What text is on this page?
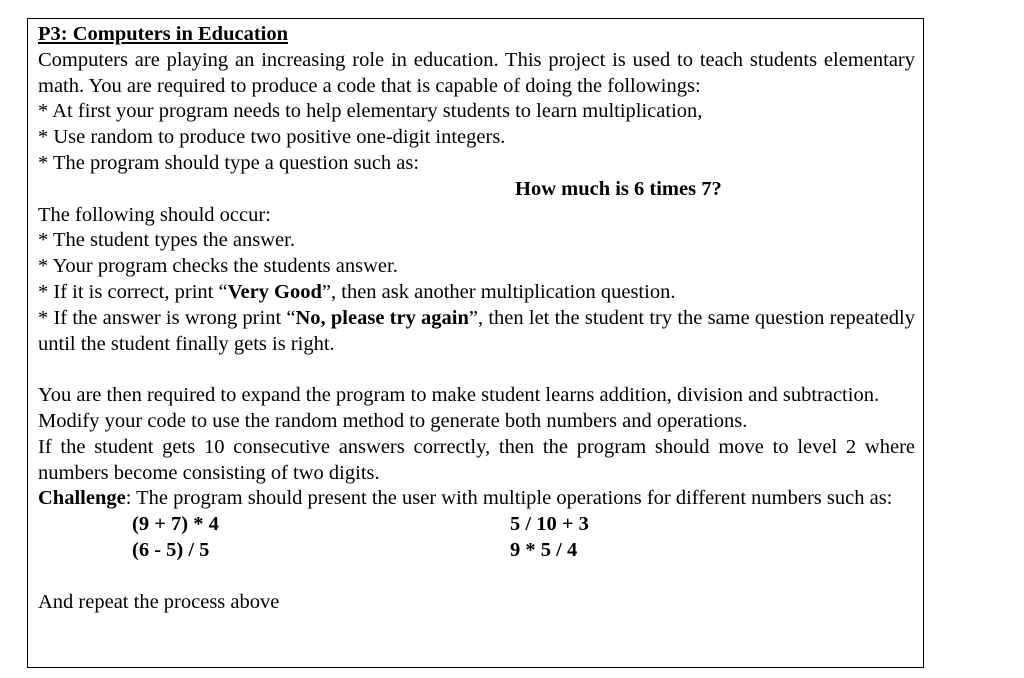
P3: Computers in Education
Computers are playing an increasing role in education. This project is used to teach students elementary math. You are required to produce a code that is capable of doing the followings:
* At first your program needs to help elementary students to learn multiplication,
* Use random to produce two positive one-digit integers.
* The program should type a question such as:
How much is 6 times 7?
The following should occur:
* The student types the answer.
* Your program checks the students answer.
* If it is correct, print “Very Good”, then ask another multiplication question.
* If the answer is wrong print “No, please try again”, then let the student try the same question repeatedly until the student finally gets is right.
You are then required to expand the program to make student learns addition, division and subtraction.
Modify your code to use the random method to generate both numbers and operations.
If the student gets 10 consecutive answers correctly, then the program should move to level 2 where numbers become consisting of two digits.
Challenge: The program should present the user with multiple operations for different numbers such as:
(9 + 7) * 4
(6 - 5) / 5
5 / 10 + 3
9 * 5 / 4
And repeat the process above
